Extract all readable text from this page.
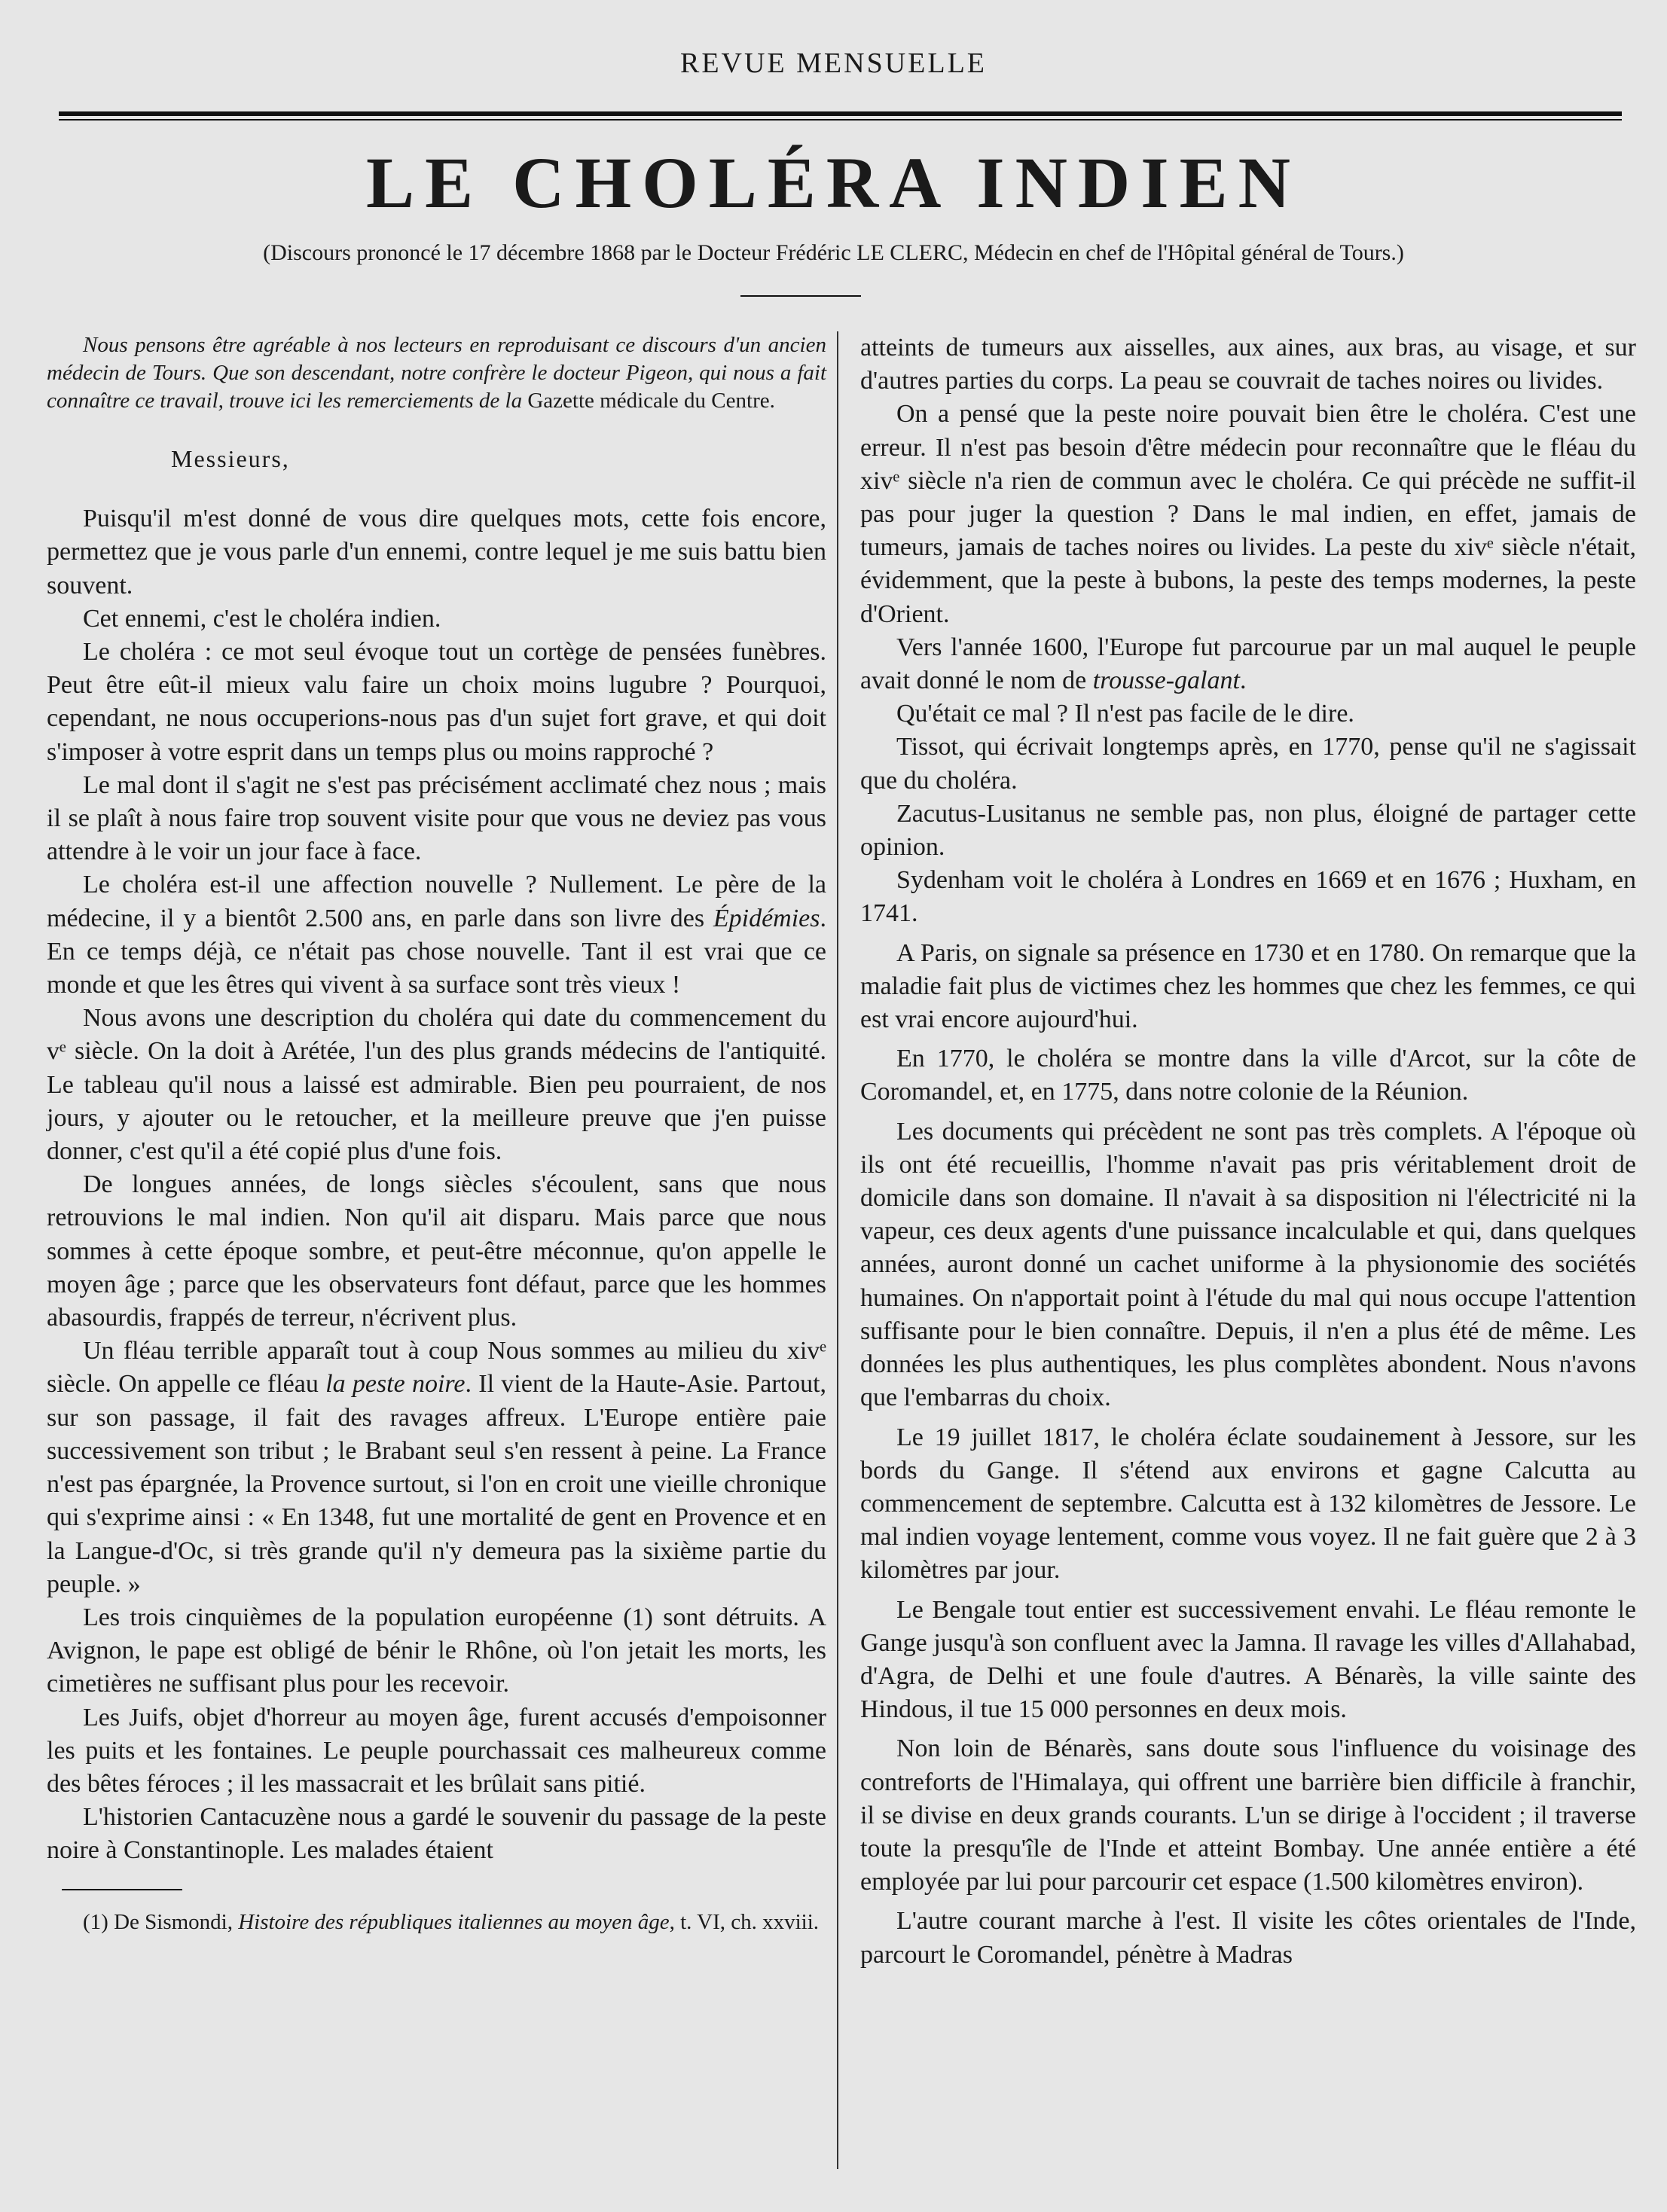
REVUE MENSUELLE
LE CHOLÉRA INDIEN
(Discours prononcé le 17 décembre 1868 par le Docteur Frédéric LE CLERC, Médecin en chef de l'Hôpital général de Tours.)

Nous pensons être agréable à nos lecteurs en reproduisant ce discours d'un ancien médecin de Tours. Que son descendant, notre confrère le docteur Pigeon, qui nous a fait connaître ce travail, trouve ici les remerciements de la Gazette médicale du Centre.

Messieurs,

Puisqu'il m'est donné de vous dire quelques mots, cette fois encore, permettez que je vous parle d'un ennemi, contre lequel je me suis battu bien souvent.

Cet ennemi, c'est le choléra indien.

Le choléra : ce mot seul évoque tout un cortège de pensées funèbres. Peut être eût-il mieux valu faire un choix moins lugubre ? Pourquoi, cependant, ne nous occuperions-nous pas d'un sujet fort grave, et qui doit s'imposer à votre esprit dans un temps plus ou moins rapproché ?

Le mal dont il s'agit ne s'est pas précisément acclimaté chez nous ; mais il se plaît à nous faire trop souvent visite pour que vous ne deviez pas vous attendre à le voir un jour face à face.

Le choléra est-il une affection nouvelle ? Nullement. Le père de la médecine, il y a bientôt 2.500 ans, en parle dans son livre des Épidémies. En ce temps déjà, ce n'était pas chose nouvelle. Tant il est vrai que ce monde et que les êtres qui vivent à sa surface sont très vieux !

Nous avons une description du choléra qui date du commencement du vᵉ siècle. On la doit à Arétée, l'un des plus grands médecins de l'antiquité. Le tableau qu'il nous a laissé est admirable. Bien peu pourraient, de nos jours, y ajouter ou le retoucher, et la meilleure preuve que j'en puisse donner, c'est qu'il a été copié plus d'une fois.

De longues années, de longs siècles s'écoulent, sans que nous retrouvions le mal indien. Non qu'il ait disparu. Mais parce que nous sommes à cette époque sombre, et peut-être méconnue, qu'on appelle le moyen âge ; parce que les observateurs font défaut, parce que les hommes abasourdis, frappés de terreur, n'écrivent plus.

Un fléau terrible apparaît tout à coup Nous sommes au milieu du xivᵉ siècle. On appelle ce fléau la peste noire. Il vient de la Haute-Asie. Partout, sur son passage, il fait des ravages affreux. L'Europe entière paie successivement son tribut ; le Brabant seul s'en ressent à peine. La France n'est pas épargnée, la Provence surtout, si l'on en croit une vieille chronique qui s'exprime ainsi : « En 1348, fut une mortalité de gent en Provence et en la Langue-d'Oc, si très grande qu'il n'y demeura pas la sixième partie du peuple. »

Les trois cinquièmes de la population européenne (1) sont détruits. A Avignon, le pape est obligé de bénir le Rhône, où l'on jetait les morts, les cimetières ne suffisant plus pour les recevoir.

Les Juifs, objet d'horreur au moyen âge, furent accusés d'empoisonner les puits et les fontaines. Le peuple pourchassait ces malheureux comme des bêtes féroces ; il les massacrait et les brûlait sans pitié.

L'historien Cantacuzène nous a gardé le souvenir du passage de la peste noire à Constantinople. Les malades étaient

(1) De Sismondi, Histoire des républiques italiennes au moyen âge, t. VI, ch. xxviii.

atteints de tumeurs aux aisselles, aux aines, aux bras, au visage, et sur d'autres parties du corps. La peau se couvrait de taches noires ou livides.

On a pensé que la peste noire pouvait bien être le choléra. C'est une erreur. Il n'est pas besoin d'être médecin pour reconnaître que le fléau du xivᵉ siècle n'a rien de commun avec le choléra. Ce qui précède ne suffit-il pas pour juger la question ? Dans le mal indien, en effet, jamais de tumeurs, jamais de taches noires ou livides. La peste du xivᵉ siècle n'était, évidemment, que la peste à bubons, la peste des temps modernes, la peste d'Orient.

Vers l'année 1600, l'Europe fut parcourue par un mal auquel le peuple avait donné le nom de trousse-galant.

Qu'était ce mal ? Il n'est pas facile de le dire.

Tissot, qui écrivait longtemps après, en 1770, pense qu'il ne s'agissait que du choléra.

Zacutus-Lusitanus ne semble pas, non plus, éloigné de partager cette opinion.

Sydenham voit le choléra à Londres en 1669 et en 1676 ; Huxham, en 1741.

A Paris, on signale sa présence en 1730 et en 1780. On remarque que la maladie fait plus de victimes chez les hommes que chez les femmes, ce qui est vrai encore aujourd'hui.

En 1770, le choléra se montre dans la ville d'Arcot, sur la côte de Coromandel, et, en 1775, dans notre colonie de la Réunion.

Les documents qui précèdent ne sont pas très complets. A l'époque où ils ont été recueillis, l'homme n'avait pas pris véritablement droit de domicile dans son domaine. Il n'avait à sa disposition ni l'électricité ni la vapeur, ces deux agents d'une puissance incalculable et qui, dans quelques années, auront donné un cachet uniforme à la physionomie des sociétés humaines. On n'apportait point à l'étude du mal qui nous occupe l'attention suffisante pour le bien connaître. Depuis, il n'en a plus été de même. Les données les plus authentiques, les plus complètes abondent. Nous n'avons que l'embarras du choix.

Le 19 juillet 1817, le choléra éclate soudainement à Jessore, sur les bords du Gange. Il s'étend aux environs et gagne Calcutta au commencement de septembre. Calcutta est à 132 kilomètres de Jessore. Le mal indien voyage lentement, comme vous voyez. Il ne fait guère que 2 à 3 kilomètres par jour.

Le Bengale tout entier est successivement envahi. Le fléau remonte le Gange jusqu'à son confluent avec la Jamna. Il ravage les villes d'Allahabad, d'Agra, de Delhi et une foule d'autres. A Bénarès, la ville sainte des Hindous, il tue 15 000 personnes en deux mois.

Non loin de Bénarès, sans doute sous l'influence du voisinage des contreforts de l'Himalaya, qui offrent une barrière bien difficile à franchir, il se divise en deux grands courants. L'un se dirige à l'occident ; il traverse toute la presqu'île de l'Inde et atteint Bombay. Une année entière a été employée par lui pour parcourir cet espace (1.500 kilomètres environ).

L'autre courant marche à l'est. Il visite les côtes orientales de l'Inde, parcourt le Coromandel, pénètre à Madras
